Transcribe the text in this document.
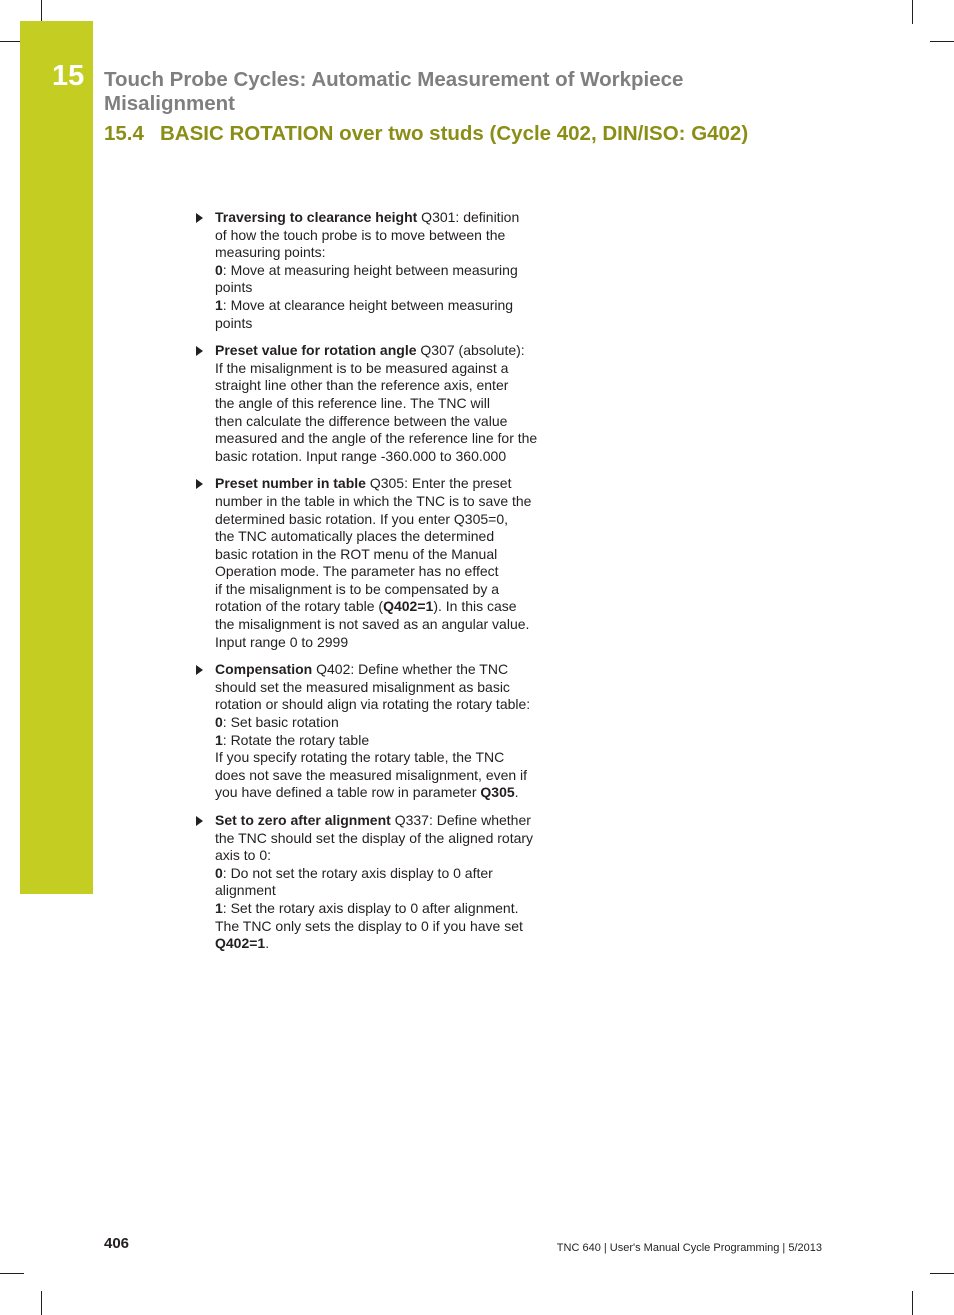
15 Touch Probe Cycles: Automatic Measurement of Workpiece Misalignment
15.4 BASIC ROTATION over two studs (Cycle 402, DIN/ISO: G402)
Traversing to clearance height Q301: definition
of how the touch probe is to move between the
measuring points:
0: Move at measuring height between measuring
points
1: Move at clearance height between measuring
points
Preset value for rotation angle Q307 (absolute):
If the misalignment is to be measured against a
straight line other than the reference axis, enter
the angle of this reference line. The TNC will
then calculate the difference between the value
measured and the angle of the reference line for the
basic rotation. Input range -360.000 to 360.000
Preset number in table Q305: Enter the preset
number in the table in which the TNC is to save the
determined basic rotation. If you enter Q305=0,
the TNC automatically places the determined
basic rotation in the ROT menu of the Manual
Operation mode. The parameter has no effect
if the misalignment is to be compensated by a
rotation of the rotary table (Q402=1). In this case
the misalignment is not saved as an angular value.
Input range 0 to 2999
Compensation Q402: Define whether the TNC
should set the measured misalignment as basic
rotation or should align via rotating the rotary table:
0: Set basic rotation
1: Rotate the rotary table
If you specify rotating the rotary table, the TNC
does not save the measured misalignment, even if
you have defined a table row in parameter Q305.
Set to zero after alignment Q337: Define whether
the TNC should set the display of the aligned rotary
axis to 0:
0: Do not set the rotary axis display to 0 after
alignment
1: Set the rotary axis display to 0 after alignment.
The TNC only sets the display to 0 if you have set
Q402=1.
406	TNC 640 | User's Manual Cycle Programming | 5/2013
